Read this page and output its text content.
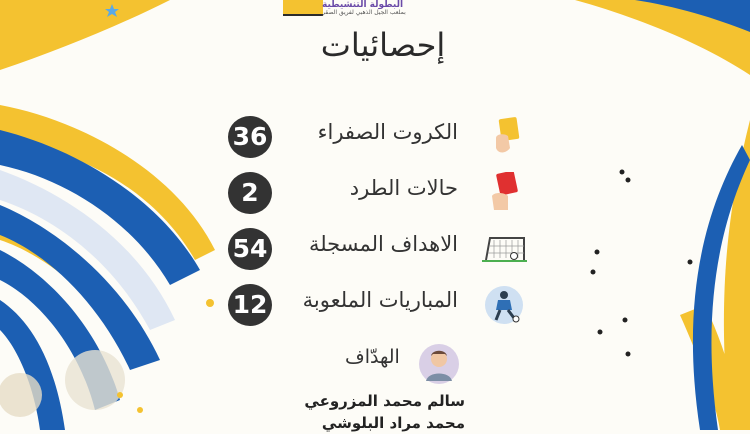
البطولة التنشيطية
بملعب الجيل الذهبي لفريق الصقر
إحصائيات
36 الكروت الصفراء
2	حالات الطرد
54 الاهداف المسجلة
12 المباريات الملعوبة
الهدّاف
سالم محمد المزروعي
محمد مراد البلوشي
